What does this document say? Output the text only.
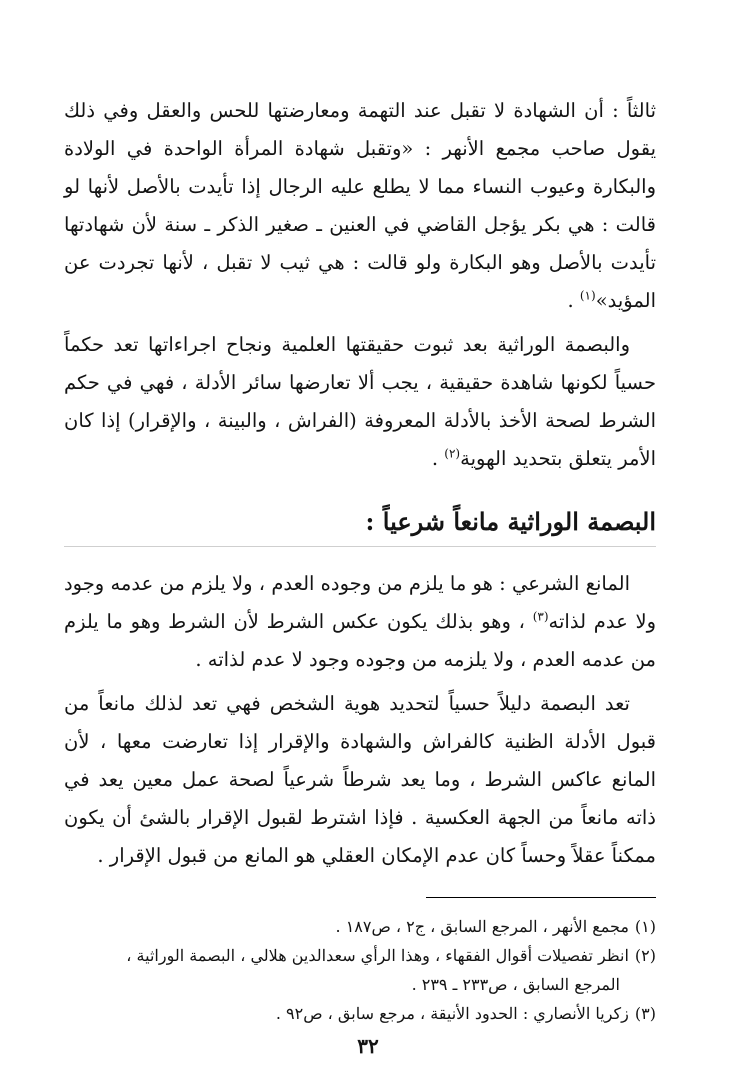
ثالثاً : أن الشهادة لا تقبل عند التهمة ومعارضتها للحس والعقل وفي ذلك يقول صاحب مجمع الأنهر : «وتقبل شهادة المرأة الواحدة في الولادة والبكارة وعيوب النساء مما لا يطلع عليه الرجال إذا تأيدت بالأصل لأنها لو قالت : هي بكر يؤجل القاضي في العنين ـ صغير الذكر ـ سنة لأن شهادتها تأيدت بالأصل وهو البكارة ولو قالت : هي ثيب لا تقبل ، لأنها تجردت عن المؤيد»$^{(١)}$ .

والبصمة الوراثية بعد ثبوت حقيقتها العلمية ونجاح اجراءاتها تعد حكماً حسياً لكونها شاهدة حقيقية ، يجب ألا تعارضها سائر الأدلة ، فهي في حكم الشرط لصحة الأخذ بالأدلة المعروفة (الفراش ، والبينة ، والإقرار) إذا كان الأمر يتعلق بتحديد الهوية$^{(٢)}$ .

البصمة الوراثية مانعاً شرعياً :

المانع الشرعي : هو ما يلزم من وجوده العدم ، ولا يلزم من عدمه وجود ولا عدم لذاته$^{(٣)}$ ، وهو بذلك يكون عكس الشرط لأن الشرط وهو ما يلزم من عدمه العدم ، ولا يلزمه من وجوده وجود لا عدم لذاته .

تعد البصمة دليلاً حسياً لتحديد هوية الشخص فهي تعد لذلك مانعاً من قبول الأدلة الظنية كالفراش والشهادة والإقرار إذا تعارضت معها ، لأن المانع عاكس الشرط ، وما يعد شرطاً شرعياً لصحة عمل معين يعد في ذاته مانعاً من الجهة العكسية . فإذا اشترط لقبول الإقرار بالشئ أن يكون ممكناً عقلاً وحساً كان عدم الإمكان العقلي هو المانع من قبول الإقرار .

(١)مجمع الأنهر ، المرجع السابق ، ج٢ ، ص١٨٧ .

(٢)انظر تفصيلات أقوال الفقهاء ، وهذا الرأي سعدالدين هلالي ، البصمة الوراثية ،

المرجع السابق ، ص٢٣٣ ـ ٢٣٩ .

(٣)زكريا الأنصاري : الحدود الأنيقة ، مرجع سابق ، ص٩٢ .

٣٢
